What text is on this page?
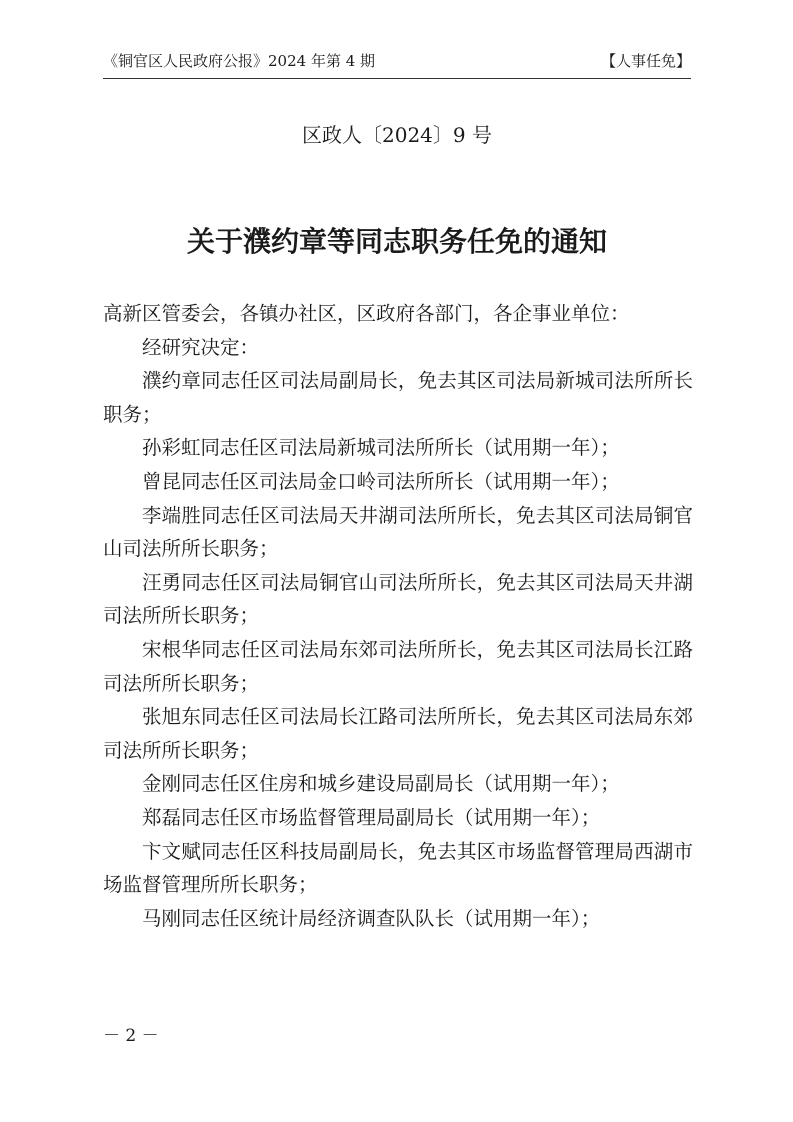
《铜官区人民政府公报》2024 年第 4 期	【人事任免】
区政人〔2024〕9 号
关于濮约章等同志职务任免的通知

高新区管委会，各镇办社区，区政府各部门，各企事业单位：

经研究决定：

濮约章同志任区司法局副局长，免去其区司法局新城司法所所长职务；

孙彩虹同志任区司法局新城司法所所长（试用期一年）；

曾昆同志任区司法局金口岭司法所所长（试用期一年）；

李端胜同志任区司法局天井湖司法所所长，免去其区司法局铜官山司法所所长职务；

汪勇同志任区司法局铜官山司法所所长，免去其区司法局天井湖司法所所长职务；

宋根华同志任区司法局东郊司法所所长，免去其区司法局长江路司法所所长职务；

张旭东同志任区司法局长江路司法所所长，免去其区司法局东郊司法所所长职务；

金刚同志任区住房和城乡建设局副局长（试用期一年）；

郑磊同志任区市场监督管理局副局长（试用期一年）；

卞文赋同志任区科技局副局长，免去其区市场监督管理局西湖市场监督管理所所长职务；

马刚同志任区统计局经济调查队队长（试用期一年）；

－ 2 －
